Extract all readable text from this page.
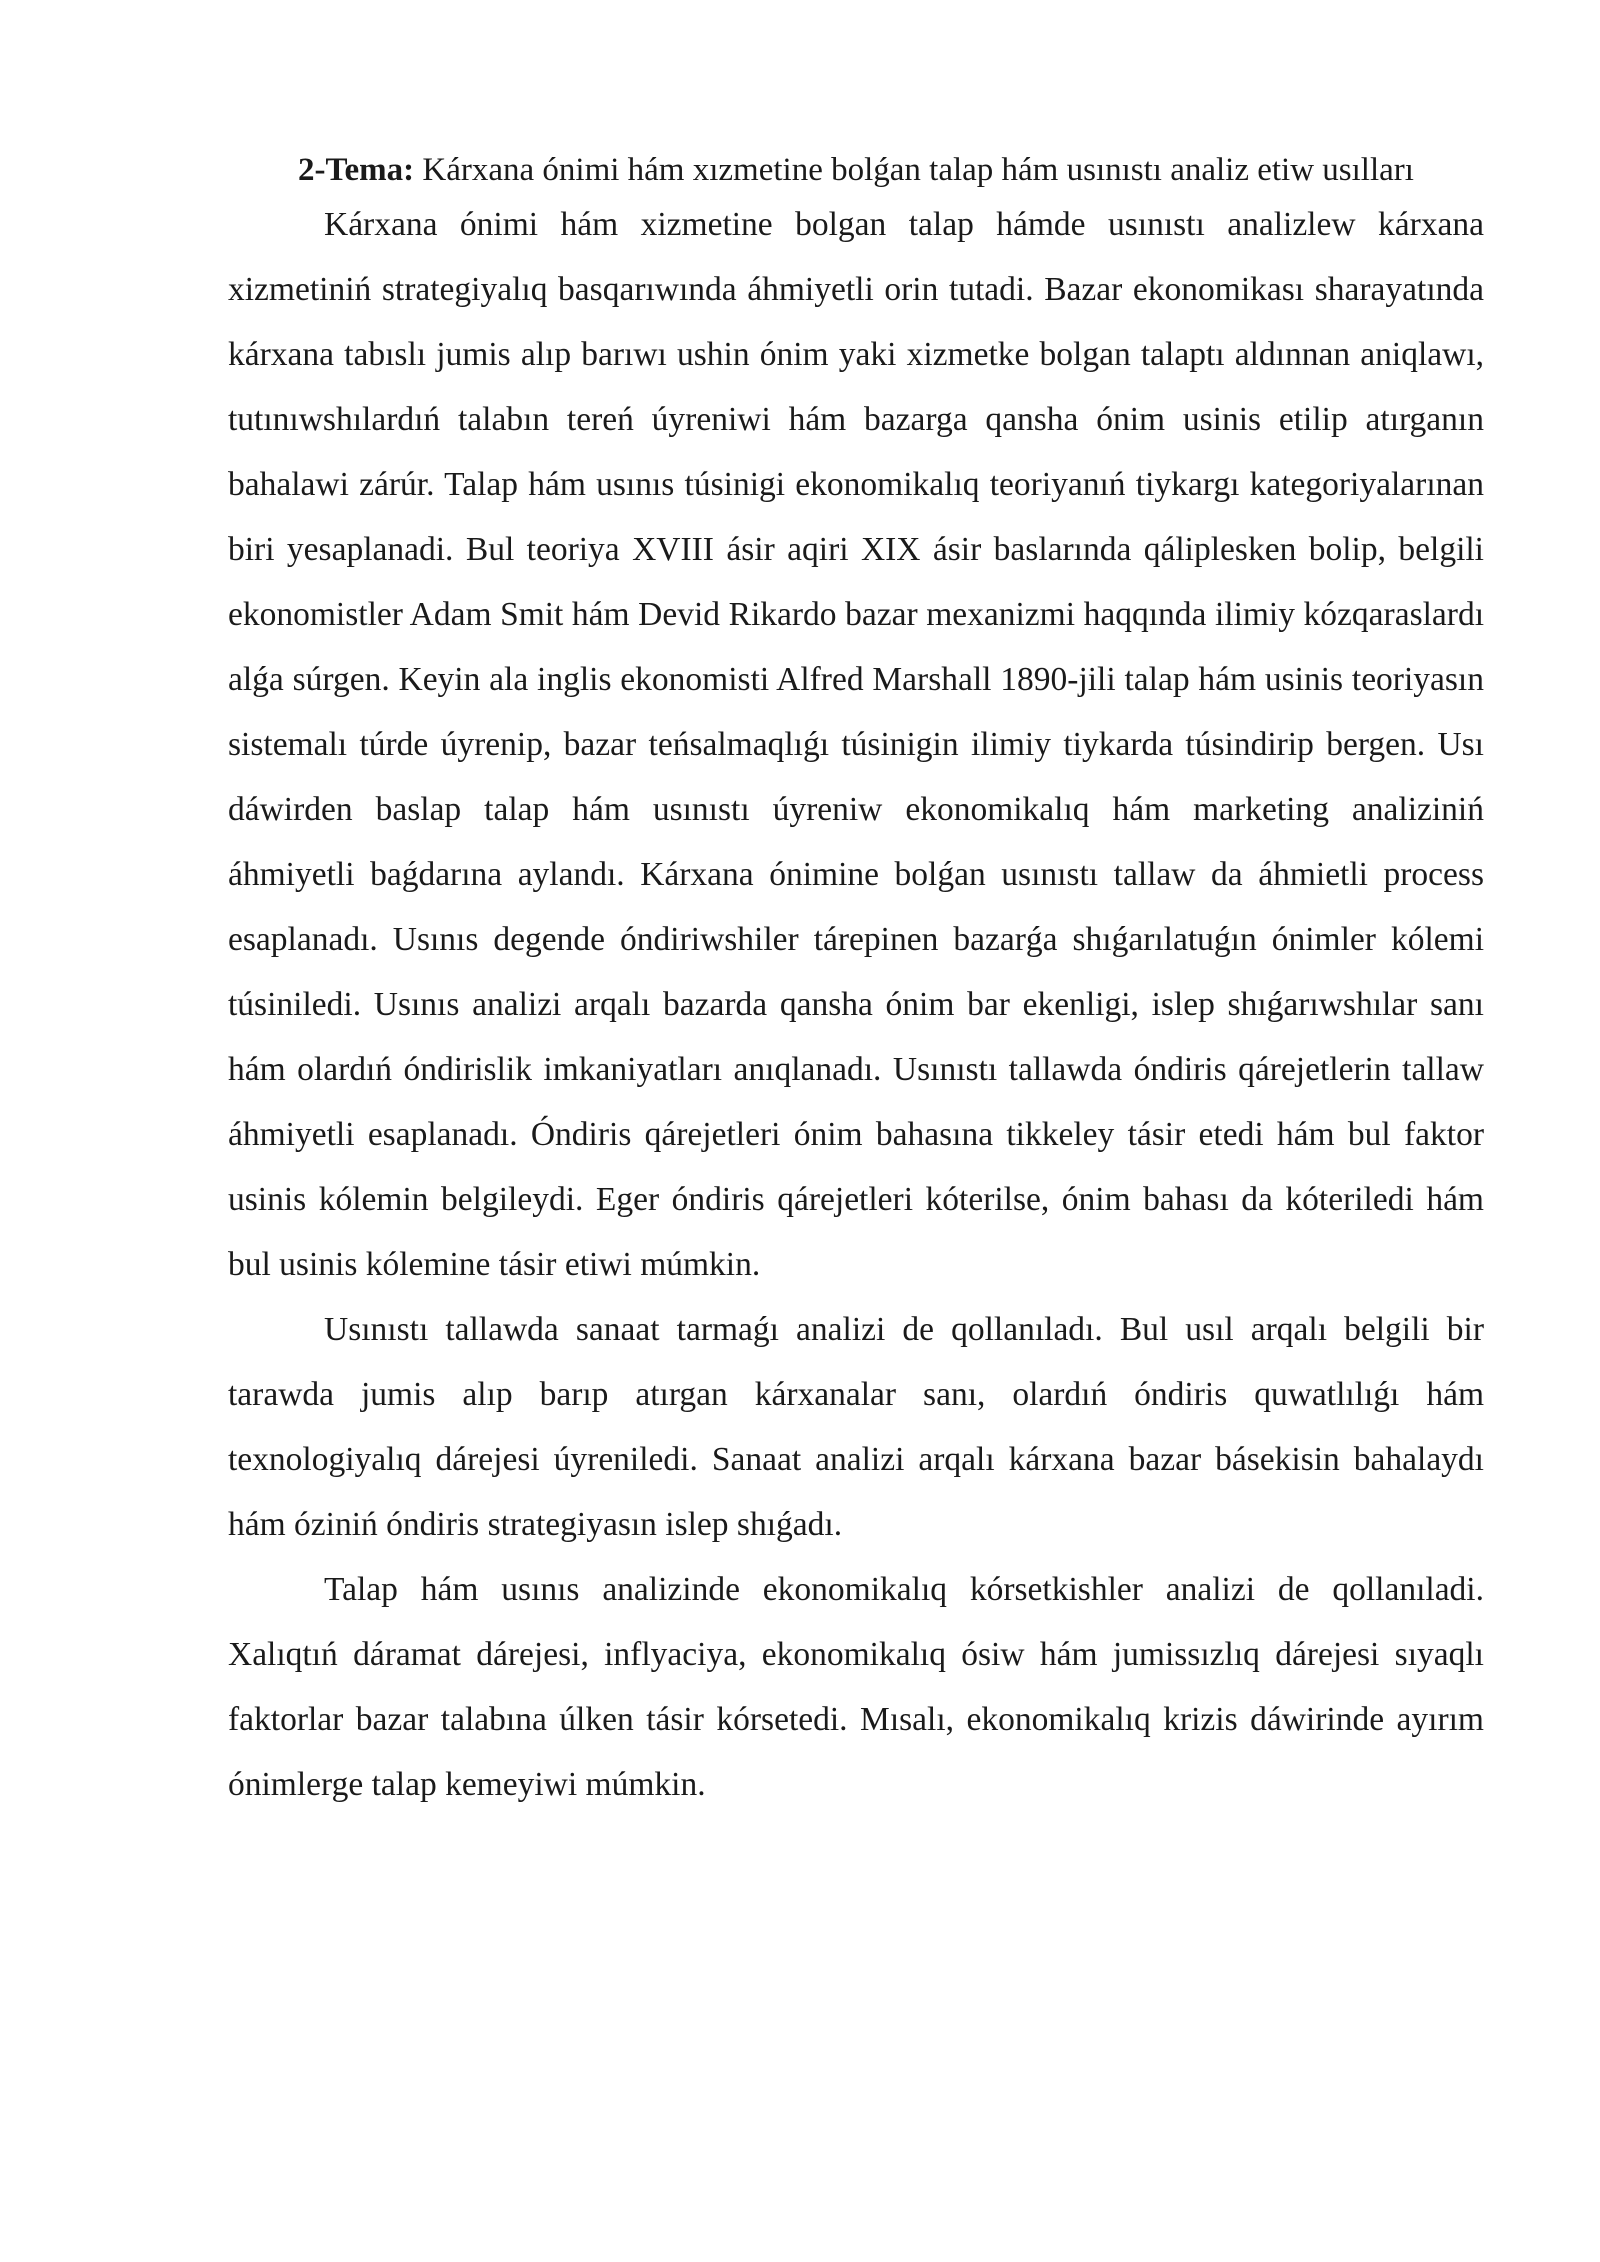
2-Tema: Kárxana ónimi hám xızmetine bolǵan talap hám usınıstı analiz etiw usılları

Kárxana ónimi hám xizmetine bolgan talap hámde usınıstı analizlew kárxana xizmetiniń strategiyalıq basqarıwında áhmiyetli orin tutadi. Bazar ekonomikası sharayatında kárxana tabıslı jumis alıp barıwı ushin ónim yaki xizmetke bolgan talaptı aldınnan aniqlawı, tutınıwshılardıń talabın tereń úyreniwi hám bazarga qansha ónim usinis etilip atırganın bahalawi zárúr. Talap hám usınıs túsinigi ekonomikalıq teoriyanıń tiykargı kategoriyalarınan biri yesaplanadi. Bul teoriya XVIII ásir aqiri XIX ásir baslarında qáliplesken bolip, belgili ekonomistler Adam Smit hám Devid Rikardo bazar mexanizmi haqqında ilimiy kózqaraslardı alǵa súrgen. Keyin ala inglis ekonomisti Alfred Marshall 1890-jili talap hám usinis teoriyasın sistemalı túrde úyrenip, bazar teńsalmaqlıǵı túsinigin ilimiy tiykarda túsindirip bergen. Usı dáwirden baslap talap hám usınıstı úyreniw ekonomikalıq hám marketing analiziniń áhmiyetli baǵdarına aylandı. Kárxana ónimine bolǵan usınıstı tallaw da áhmietli process esaplanadı. Usınıs degende óndiriwshiler tárepinen bazarǵa shıǵarılatuǵın ónimler kólemi túsiniledi. Usınıs analizi arqalı bazarda qansha ónim bar ekenligi, islep shıǵarıwshılar sanı hám olardıń óndirislik imkaniyatları anıqlanadı. Usınıstı tallawda óndiris qárejetlerin tallaw áhmiyetli esaplanadı. Óndiris qárejetleri ónim bahasına tikkeley tásir etedi hám bul faktor usinis kólemin belgileydi. Eger óndiris qárejetleri kóterilse, ónim bahası da kóteriledi hám bul usinis kólemine tásir etiwi múmkin.

Usınıstı tallawda sanaat tarmaǵı analizi de qollanıladı. Bul usıl arqalı belgili bir tarawda jumis alıp barıp atırgan kárxanalar sanı, olardıń óndiris quwatlılıǵı hám texnologiyalıq dárejesi úyreniledi. Sanaat analizi arqalı kárxana bazar básekisin bahalaydı hám óziniń óndiris strategiyasın islep shıǵadı.

Talap hám usınıs analizinde ekonomikalıq kórsetkishler analizi de qollanıladi. Xalıqtıń dáramat dárejesi, inflyaciya, ekonomikalıq ósiw hám jumissızlıq dárejesi sıyaqlı faktorlar bazar talabına úlken tásir kórsetedi. Mısalı, ekonomikalıq krizis dáwirinde ayırım ónimlerge talap kemeyiwi múmkin.
